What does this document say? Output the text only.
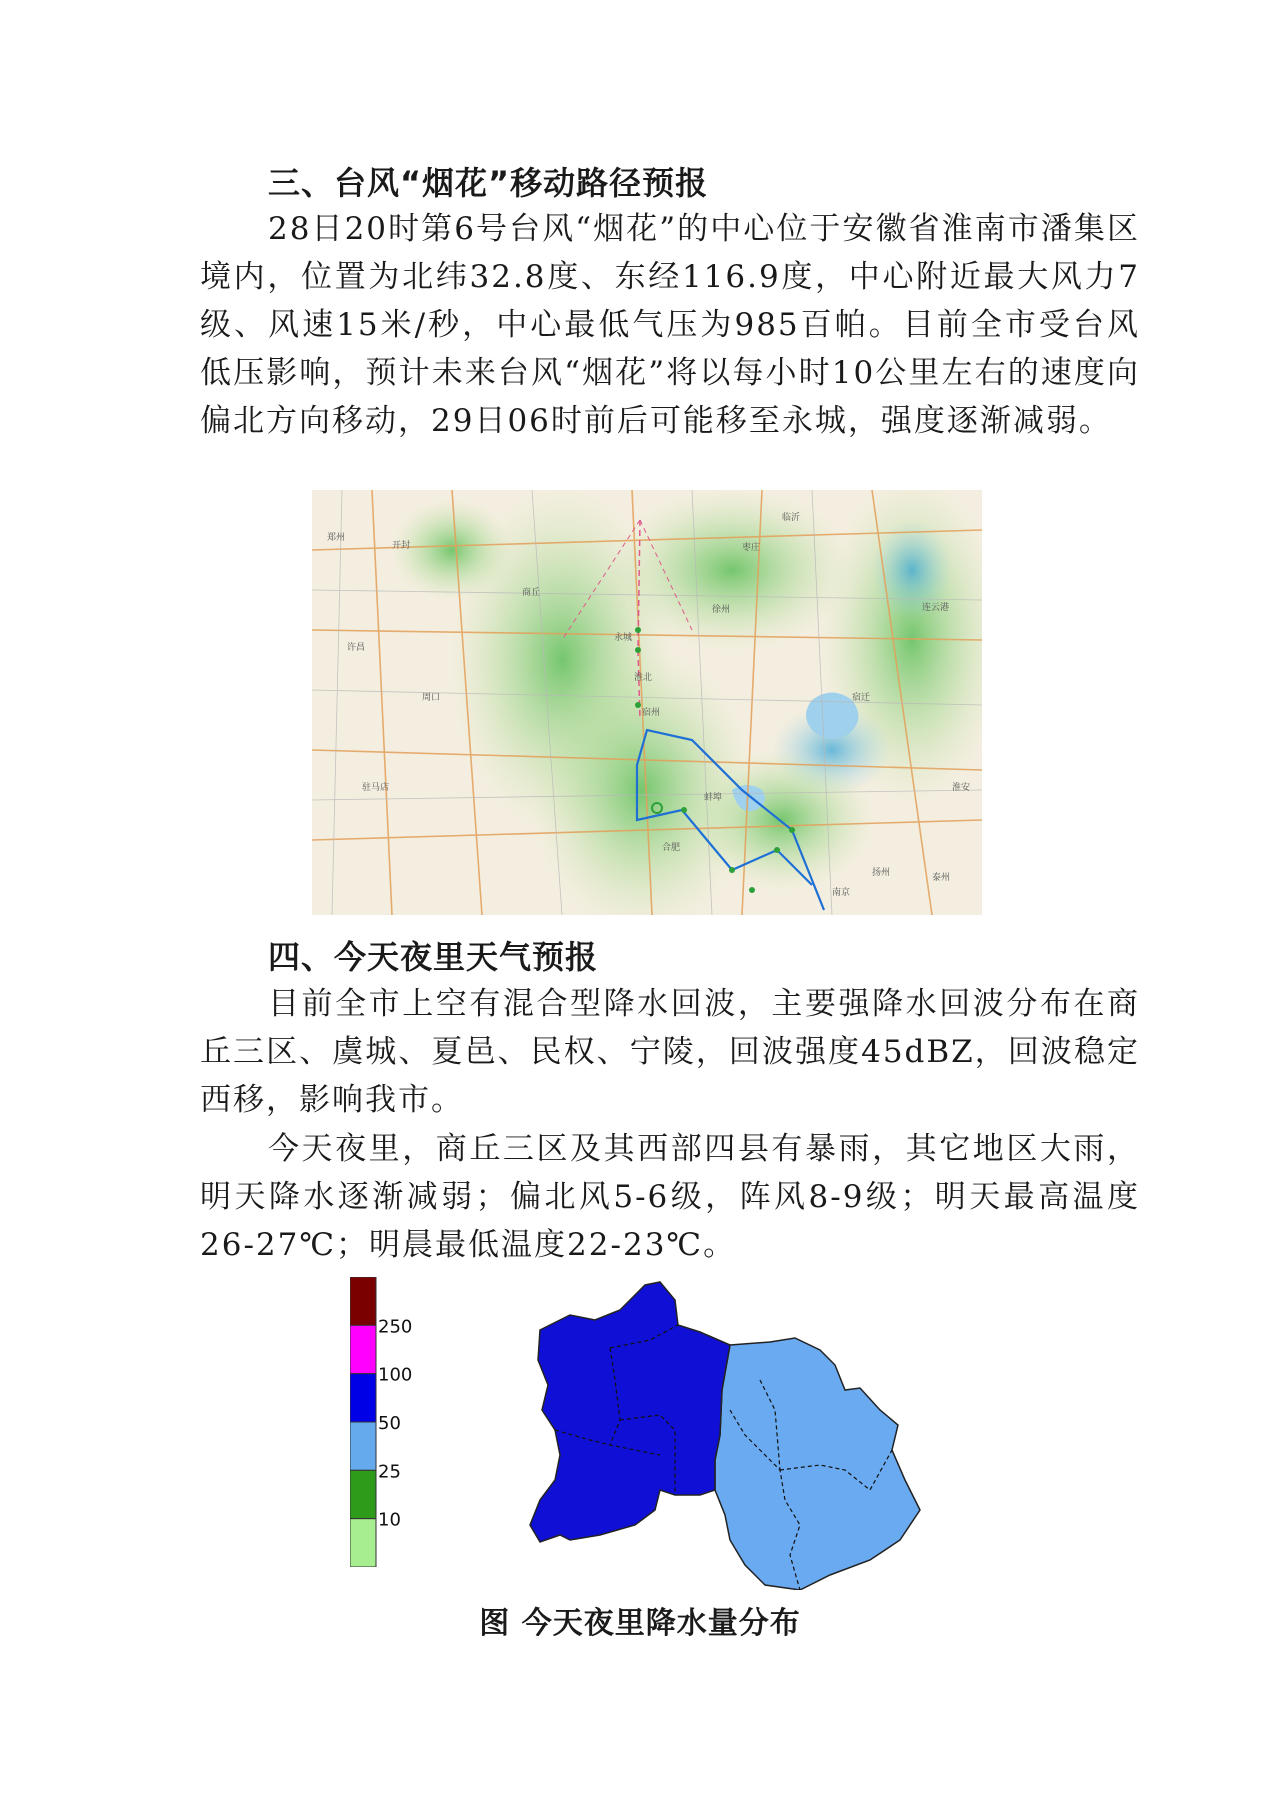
三、台风“烟花”移动路径预报

28日20时第6号台风“烟花”的中心位于安徽省淮南市潘集区境内，位置为北纬32.8度、东经116.9度，中心附近最大风力7级、风速15米/秒，中心最低气压为985百帕。目前全市受台风低压影响，预计未来台风“烟花”将以每小时10公里左右的速度向偏北方向移动，29日06时前后可能移至永城，强度逐渐减弱。

郑州
开封
许昌
商丘
徐州
淮北
宿州
蚌埠
淮安
南京
扬州	泰州
临沂
枣庄
周口
驻马店
合肥
永城
宿迁
连云港
四、今天夜里天气预报

目前全市上空有混合型降水回波，主要强降水回波分布在商丘三区、虞城、夏邑、民权、宁陵，回波强度45dBZ，回波稳定西移，影响我市。

今天夜里，商丘三区及其西部四县有暴雨，其它地区大雨，明天降水逐渐减弱；偏北风5-6级，阵风8-9级；明天最高温度26-27℃；明晨最低温度22-23℃。

250
100
50
25
10
图 今天夜里降水量分布
